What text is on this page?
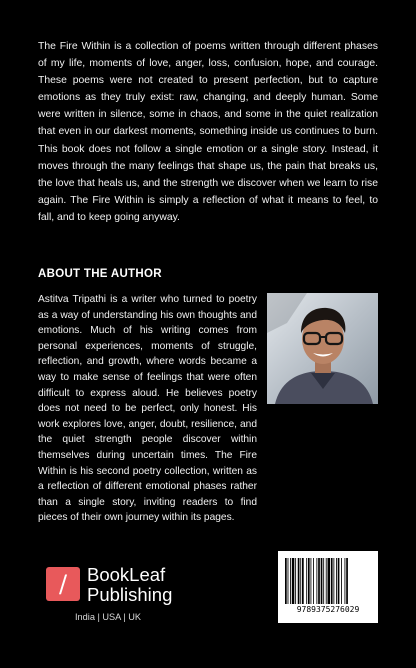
The Fire Within is a collection of poems written through different phases of my life, moments of love, anger, loss, confusion, hope, and courage. These poems were not created to present perfection, but to capture emotions as they truly exist: raw, changing, and deeply human. Some were written in silence, some in chaos, and some in the quiet realization that even in our darkest moments, something inside us continues to burn. This book does not follow a single emotion or a single story. Instead, it moves through the many feelings that shape us, the pain that breaks us, the love that heals us, and the strength we discover when we learn to rise again. The Fire Within is simply a reflection of what it means to feel, to fall, and to keep going anyway.

ABOUT THE AUTHOR

Astitva Tripathi is a writer who turned to poetry as a way of understanding his own thoughts and emotions. Much of his writing comes from personal experiences, moments of struggle, reflection, and growth, where words became a way to make sense of feelings that were often difficult to express aloud. He believes poetry does not need to be perfect, only honest. His work explores love, anger, doubt, resilience, and the quiet strength people discover within themselves during uncertain times. The Fire Within is his second poetry collection, written as a reflection of different emotional phases rather than a single story, inviting readers to find pieces of their own journey within its pages.

/	BookLeaf
Publishing
India | USA | UK
9789375276029
